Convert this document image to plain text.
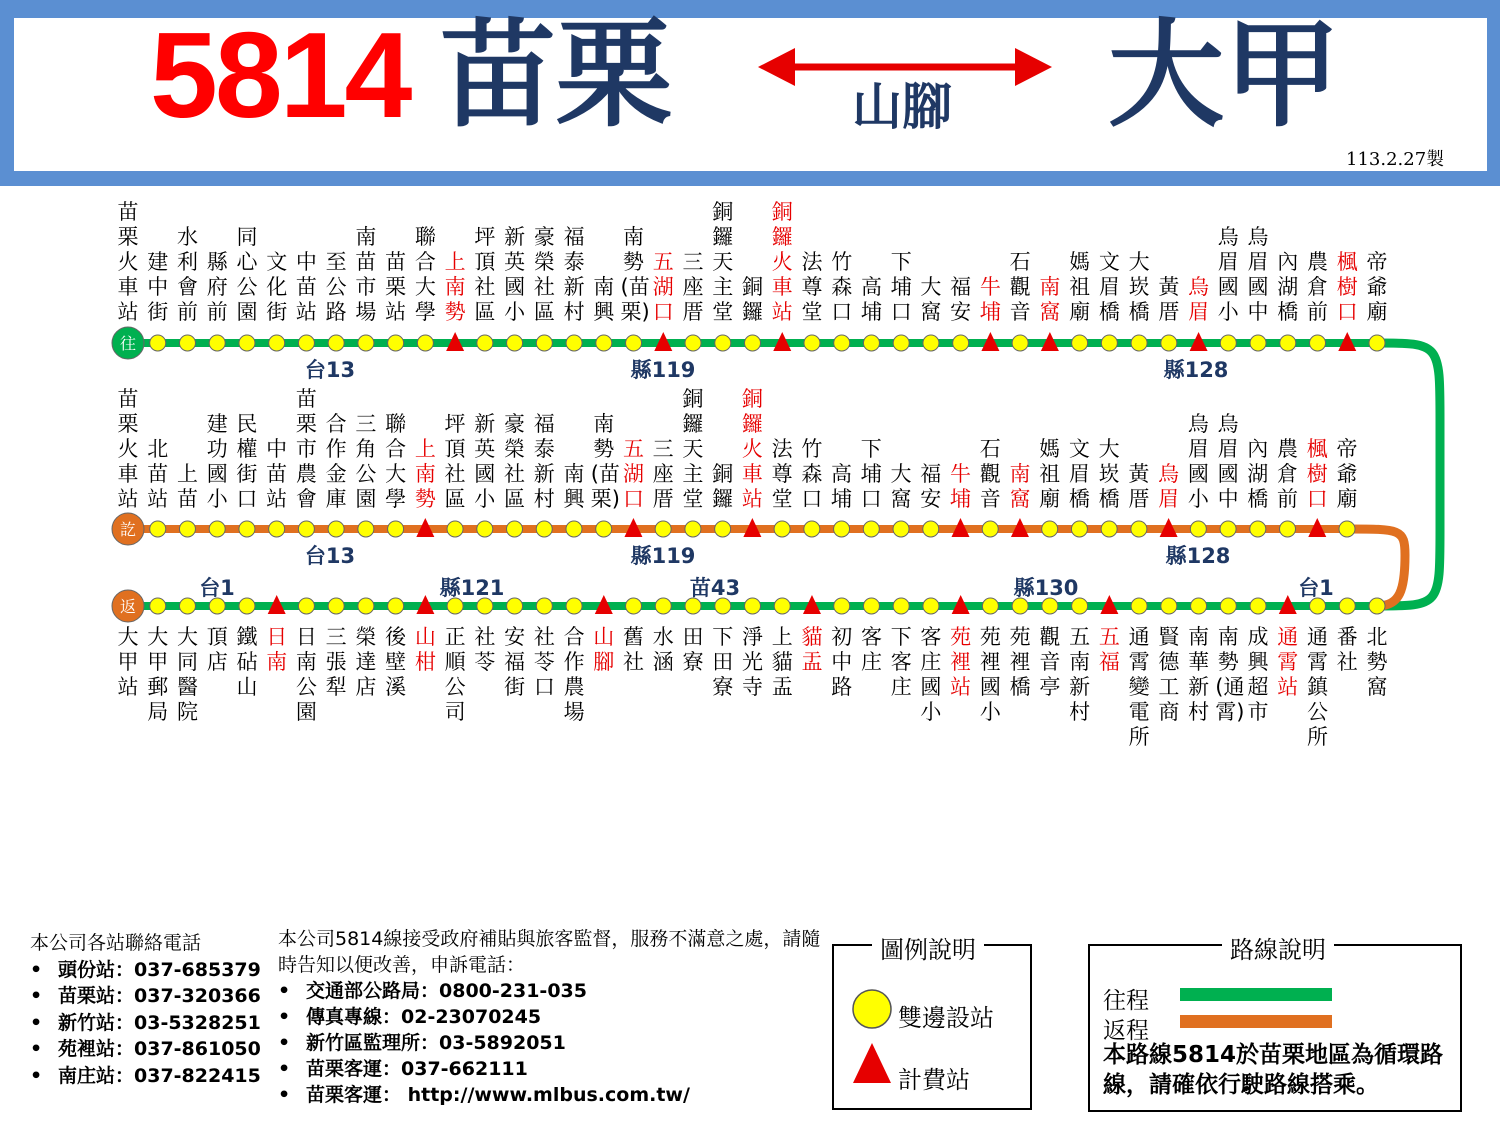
5814 苗栗	大甲
山腳
113.2.27製
往
訖
返
台13	縣119	縣128
台13	縣119	縣128
台1	縣121	苗43	縣130	台1
苗栗火車站
建中街
水利會前
縣府前
同心公園
文化街
中苗站
至公路
南苗市場
苗栗站
聯合大學
上南勢
坪頂社區
新英國小
豪榮社區
福泰新村
南興
南勢(苗栗)
五湖口
三座厝
銅鑼天主堂
銅鑼
銅鑼火車站
法尊堂
竹森口
高埔
下埔口
大窩
福安
牛埔
石觀音
南窩
媽祖廟
文眉橋
大崁橋
黃厝
烏眉
烏眉國小
烏眉國中
內湖橋
農倉前
楓樹口
帝爺廟
苗栗火車站
北苗站
上苗
建功國小
民權街口
中苗站
苗栗市農會
合作金庫
三角公園
聯合大學
上南勢
坪頂社區
新英國小
豪榮社區
福泰新村
南興
南勢(苗栗)
五湖口
三座厝
銅鑼天主堂
銅鑼
銅鑼火車站
法尊堂
竹森口
高埔
下埔口
大窩
福安
牛埔
石觀音
南窩
媽祖廟
文眉橋
大崁橋
黃厝
烏眉
烏眉國小
烏眉國中
內湖橋
農倉前
楓樹口
帝爺廟
大甲站
大甲郵局
大同醫院
頂店
鐵砧山
日南
日南公園
三張犁
榮達店
後壁溪
山柑
正順公司
社苓
安福街
社苓口
合作農場
山腳
舊社
水涵
田寮
下田寮
淨光寺
上貓盂
貓盂
初中路
客庄
下客庄
客庄國小
苑裡站
苑裡國小
苑裡橋
觀音亭
五南新村
五福
通霄變電所
賢德工商
南華新村
南勢(通霄)
成興超市
通霄站
通霄鎮公所
番社
北勢窩
本公司各站聯絡電話
• 頭份站：037-685379
• 苗栗站：037-320366
• 新竹站：03-5328251
• 苑裡站：037-861050
• 南庄站：037-822415
本公司5814線接受政府補貼與旅客監督，服務不滿意之處，請隨時告知以便改善，申訴電話：
• 交通部公路局：0800-231-035
• 傳真專線：02-23070245
• 新竹區監理所：03-5892051
• 苗栗客運：037-662111
• 苗栗客運： http://www.mlbus.com.tw/
圖例說明
雙邊設站
計費站
路線說明
往程
返程
本路線5814於苗栗地區為循環路線，請確依行駛路線搭乘。
